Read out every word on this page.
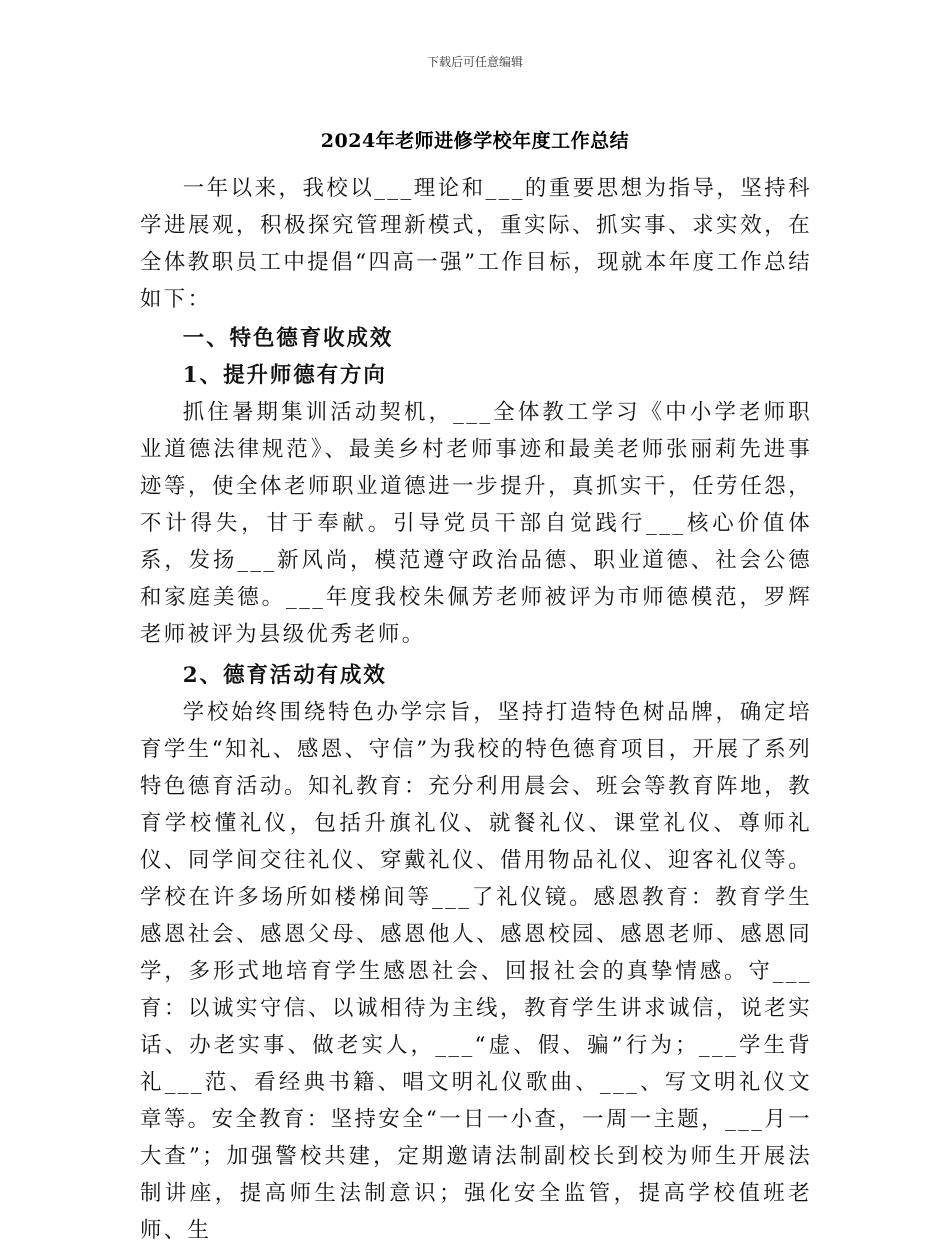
下载后可任意编辑
2024年老师进修学校年度工作总结

一年以来，我校以___理论和___的重要思想为指导，坚持科学进展观，积极探究管理新模式，重实际、抓实事、求实效，在全体教职员工中提倡“四高一强”工作目标，现就本年度工作总结如下：

一、特色德育收成效
1、提升师德有方向

抓住暑期集训活动契机，___全体教工学习《中小学老师职业道德法律规范》、最美乡村老师事迹和最美老师张丽莉先进事迹等，使全体老师职业道德进一步提升，真抓实干，任劳任怨，不计得失，甘于奉献。引导党员干部自觉践行___核心价值体系，发扬___新风尚，模范遵守政治品德、职业道德、社会公德和家庭美德。___年度我校朱佩芳老师被评为市师德模范，罗辉老师被评为县级优秀老师。

2、德育活动有成效

学校始终围绕特色办学宗旨，坚持打造特色树品牌，确定培育学生“知礼、感恩、守信”为我校的特色德育项目，开展了系列特色德育活动。知礼教育：充分利用晨会、班会等教育阵地，教育学校懂礼仪，包括升旗礼仪、就餐礼仪、课堂礼仪、尊师礼仪、同学间交往礼仪、穿戴礼仪、借用物品礼仪、迎客礼仪等。学校在许多场所如楼梯间等___了礼仪镜。感恩教育：教育学生感恩社会、感恩父母、感恩他人、感恩校园、感恩老师、感恩同学，多形式地培育学生感恩社会、回报社会的真挚情感。守___育：以诚实守信、以诚相待为主线，教育学生讲求诚信，说老实话、办老实事、做老实人，___“虚、假、骗”行为；___学生背礼___范、看经典书籍、唱文明礼仪歌曲、___、写文明礼仪文章等。安全教育：坚持安全“一日一小查，一周一主题，___月一大查”；加强警校共建，定期邀请法制副校长到校为师生开展法制讲座，提高师生法制意识；强化安全监管，提高学校值班老师、生
